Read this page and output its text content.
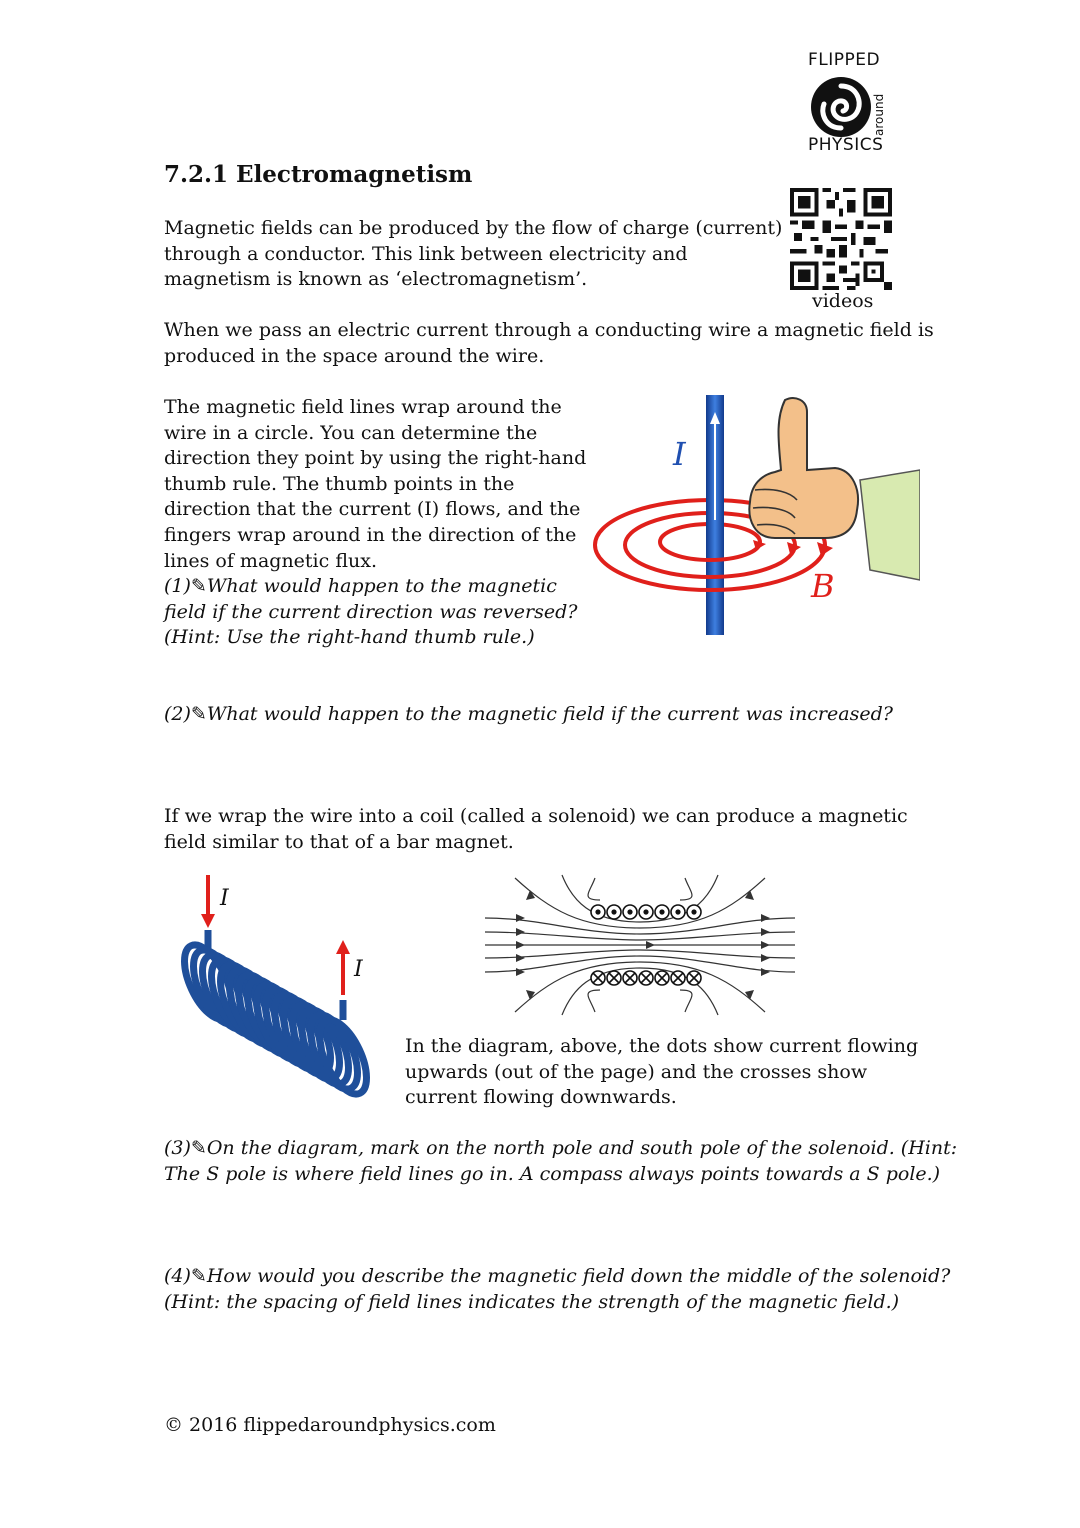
FLIPPED
around
PHYSICS
videos
7.2.1 Electromagnetism
Magnetic fields can be produced by the flow of charge (current)
through a conductor. This link between electricity and
magnetism is known as ‘electromagnetism’.
When we pass an electric current through a conducting wire a magnetic field is
produced in the space around the wire.
The magnetic field lines wrap around the
wire in a circle. You can determine the
direction they point by using the right-hand
thumb rule. The thumb points in the
direction that the current (I) flows, and the
fingers wrap around in the direction of the
lines of magnetic flux.
(1)✎What would happen to the magnetic
field if the current direction was reversed?
(Hint: Use the right-hand thumb rule.)
I
B
(2)✎What would happen to the magnetic field if the current was increased?
If we wrap the wire into a coil (called a solenoid) we can produce a magnetic
field similar to that of a bar magnet.
I
I
In the diagram, above, the dots show current flowing
upwards (out of the page) and the crosses show
current flowing downwards.
(3)✎On the diagram, mark on the north pole and south pole of the solenoid. (Hint:
The S pole is where field lines go in. A compass always points towards a S pole.)
(4)✎How would you describe the magnetic field down the middle of the solenoid?
(Hint: the spacing of field lines indicates the strength of the magnetic field.)
© 2016 flippedaroundphysics.com
